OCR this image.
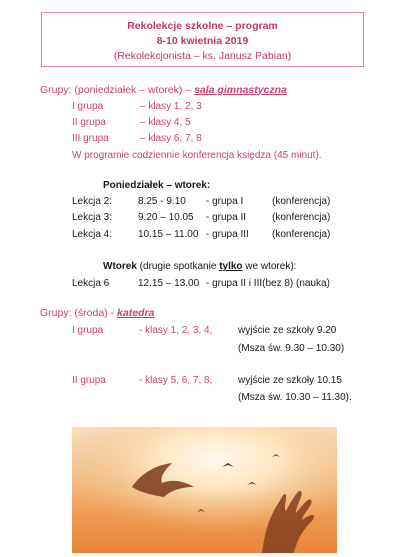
Rekolekcje szkolne – program
8-10 kwietnia 2019
(Rekolekcjonista – ks. Janusz Pabian)
Grupy: (poniedziałek – wtorek) – sala gimnastyczna
I grupa	– klasy 1, 2, 3
II grupa	– klasy 4, 5
III grupa	– klasy 6, 7, 8
W programie codziennie konferencja księdza (45 minut).
Poniedziałek – wtorek:
Lekcja 2:	8.25 - 9.10 - grupa I	(konferencja)
Lekcja 3:	9.20 – 10.05 - grupa II	(konferencja)
Lekcja 4:	10.15 – 11.00 - grupa III (konferencja)
Wtorek (drugie spotkanie tylko we wtorek):
Lekcja 6	12.15 – 13.00 - grupa II i III(bez 8) (nauka)
Grupy: (środa) - katedra
I grupa	- klasy 1, 2, 3, 4,	wyjście ze szkoły 9.20
(Msza św. 9.30 – 10.30)
II grupa	- klasy 5, 6, 7, 8,	wyjście ze szkoły 10.15
(Msza św. 10.30 – 11.30).
